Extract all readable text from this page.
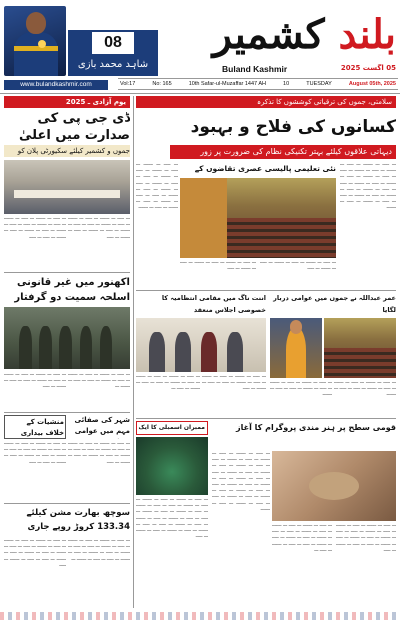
08
شاہد محمد بازی
www.bulandkashmir.com
بلند کشمیر
Buland Kashmir
Vol:17	No: 165	10th Safar-ul-Muzaffar 1447 AH	10	TUESDAY	August 05th, 2025
05 اگست 2025
یوم آزادی ـ 2025	سلامتی، جموں کی ترقیاتی کوششوں کا تذکرہ
ڈی جی پی کی صدارت میں اعلیٰ
جموں و کشمیر کیلئے سکیورٹی پلان کو
کسانوں کی فلاح و بہبود
دیہاتی علاقوں کیلئے بہتر تکنیکی نظام کی ضرورت پر زور
ـــ ـــــ ـــ ـــــــ ـــ ـــــ ـــ ـــــــ ـــ ـــــ ـــ ـــــــ ـــ ـــــ ـــ ـــــ ـــ ـــــــ ـــ ـــــ ـــ ـــــــ ـــ ـــــ ـــ ـــــــ ـــ ـــــ ـــ ـــــ
ـــ ـــــ ـــ ـــــــ ـــ ـــــ ـــ ـــــــ ـــ ـــــ ـــ ـــــــ ـــ ـــــ ـــ ـــــ ـــ ـــــــ ـــ ـــــ ـــ ـــــــ ـــ ـــــ ـــ ـــــــ ـــ ـــــ
اکھنور میں غیر قانونی اسلحہ سمیت دو گرفتار
ـــ ـــــ ـــ ـــــــ ـــ ـــــ ـــ ـــــــ ـــ ـــــ ـــ ـــــــ ـــ ـــــ ـــ ـــــ ـــ ـــــــ ـــ ـــــ
ـــ ـــــ ـــ ـــــــ ـــ ـــــ ـــ ـــــــ ـــ ـــــ ـــ ـــــــ ـــ ـــــ ـــ ـــــ ـــ ـــــــ ـــ
منشیات کے خلاف بیداری
ـــ ـــــ ـــ ـــــــ ـــ ـــــ ـــ ـــــــ ـــ ـــــ ـــ ـــــــ ـــ ـــــ ـــ ـــــ ـــ ـــــــ ـــ ـــــ ـــ ـــــــ ـــ ـــــ ـــ ـــــــ ـــ ـــــ ـــ ـــــ
شہر کی صفائی مہم میں عوامی
ـــ ـــــ ـــ ـــــــ ـــ ـــــ ـــ ـــــــ ـــ ـــــ ـــ ـــــــ ـــ ـــــ ـــ ـــــ ـــ ـــــــ ـــ ـــــ ـــ ـــــــ ـــ ـــــ ـــ ـــــــ ـــ ـــــ
سوچھ بھارت مشن کیلئے 133.34 کروڑ روپے جاری
ـــ ـــــ ـــ ـــــــ ـــ ـــــ ـــ ـــــــ ـــ ـــــ ـــ ـــــــ ـــ ـــــ ـــ ـــــ ـــ ـــــــ ـــ ـــــ ـــ ـــــــ ـــ ـــــ ـــ ـــــــ ـــ ـــــ ـــ ـــــ ـــ ـــــــ ـــ ـــــ
ـــ ـــــ ـــ ـــــــ ـــ ـــــ ـــ ـــــــ ـــ ـــــ ـــ ـــــــ ـــ ـــــ ـــ ـــــ ـــ ـــــــ ـــ ـــــ ـــ ـــــــ ـــ ـــــ ـــ ـــــــ ـــ ـــــ ـــ ـــــ ـــ ـــــــ ـــ
ـــ ـــــ ـــ ـــــــ ـــ ـــــ ـــ ـــــــ ـــ ـــــ ـــ ـــــــ ـــ ـــــ ـــ ـــــ ـــ ـــــــ ـــ ـــــ ـــ ـــــــ ـــ ـــــ ـــ ـــــــ ـــ ـــــ ـــ ـــــ ـــ ـــــــ ـــ ـــــ ـــ ـــــــ ـــ ـــــ ـــ ـــــــ ـــ ـــــ ـــ ـــــ ـــ ـــــــ ـــ ـــــ ـــ ـــــــ
نئی تعلیمی پالیسی عصری تقاضوں کے
ـــ ـــــ ـــ ـــــــ ـــ ـــــ ـــ ـــــــ ـــ ـــــ ـــ ـــــــ ـــ ـــــ ـــ ـــــ ـــ ـــــــ ـــ ـــــ ـــ ـــــــ ـــ ـــــ ـــ ـــــــ ـــ ـــــ ـــ ـــــ ـــ ـــــــ ـــ ـــــ ـــ ـــــــ ـــ ـــــ ـــ ـــــــ
ـــ ـــــ ـــ ـــــــ ـــ ـــــ ـــ ـــــــ ـــ ـــــ ـــ ـــــــ ـــ ـــــ
ـــ ـــــ ـــ ـــــــ ـــ ـــــ ـــ ـــــــ ـــ ـــــ ـــ ـــــــ ـــ ـــــ
اننت ناگ میں مقامی انتظامیہ کا خصوصی اجلاس منعقد
ـــ ـــــ ـــ ـــــــ ـــ ـــــ ـــ ـــــــ ـــ ـــــ ـــ ـــــــ ـــ ـــــ ـــ ـــــ ـــ ـــــــ ـــ ـــــ ـــ
ـــ ـــــ ـــ ـــــــ ـــ ـــــ ـــ ـــــــ ـــ ـــــ ـــ ـــــــ ـــ ـــــ ـــ ـــــ ـــ ـــــــ ـــ ـــــ
عمر عبداللہ نے جموں میں عوامی دربار لگایا
ـــ ـــــ ـــ ـــــــ ـــ ـــــ ـــ ـــــــ ـــ ـــــ ـــ ـــــــ ـــ ـــــ ـــ ـــــ ـــ ـــــــ
ـــ ـــــ ـــ ـــــــ ـــ ـــــ ـــ ـــــــ ـــ ـــــ ـــ ـــــــ ـــ ـــــ ـــ ـــــ ـــ ـــــــ
ممبران اسمبلی کا ایک
ـــ ـــــ ـــ ـــــــ ـــ ـــــ ـــ ـــــــ ـــ ـــــ ـــ ـــــــ ـــ ـــــ ـــ ـــــ ـــ ـــــــ ـــ ـــــ ـــ ـــــــ ـــ ـــــ ـــ ـــــــ ـــ ـــــ ـــ ـــــ ـــ ـــــــ ـــ ـــــ ـــ ـــــــ ـــ ـــــ ـــ ـــــــ ـــ ـــــ ـــ ـــــ ـــ ـــــــ ـــ ـــــ ـــ ـــــــ ـــ ـــــ ـــ ـــــــ ـــ ـــــ
قومی سطح پر ہنر مندی پروگرام کا آغاز
ـــ ـــــ ـــ ـــــــ ـــ ـــــ ـــ ـــــــ ـــ ـــــ ـــ ـــــــ ـــ ـــــ ـــ ـــــ ـــ ـــــــ ـــ ـــــ ـــ ـــــــ ـــ ـــــ ـــ ـــــــ ـــ ـــــ ـــ ـــــ ـــ ـــــــ ـــ ـــــ ـــ ـــــــ ـــ ـــــ ـــ ـــــــ ـــ ـــــ ـــ ـــــ ـــ ـــــــ ـــ ـــــ ـــ ـــــــ ـــ ـــــ ـــ ـــــــ ـــ ـــــ ـــ ـــــ ـــ ـــــــ ـــ ـــــ ـــ ـــــــ
ـــ ـــــ ـــ ـــــــ ـــ ـــــ ـــ ـــــــ ـــ ـــــ ـــ ـــــــ ـــ ـــــ ـــ ـــــ ـــ ـــــــ ـــ ـــــ ـــ ـــــــ ـــ ـــــ ـــ ـــــــ ـــ ـــــ ـــ ـــــ ـــ ـــــــ ـــ ـــــ ـــ
ـــ ـــــ ـــ ـــــــ ـــ ـــــ ـــ ـــــــ ـــ ـــــ ـــ ـــــــ ـــ ـــــ ـــ ـــــ ـــ ـــــــ ـــ ـــــ ـــ ـــــــ ـــ ـــــ ـــ ـــــــ ـــ ـــــ ـــ ـــــ ـــ ـــــــ ـــ ـــــ
